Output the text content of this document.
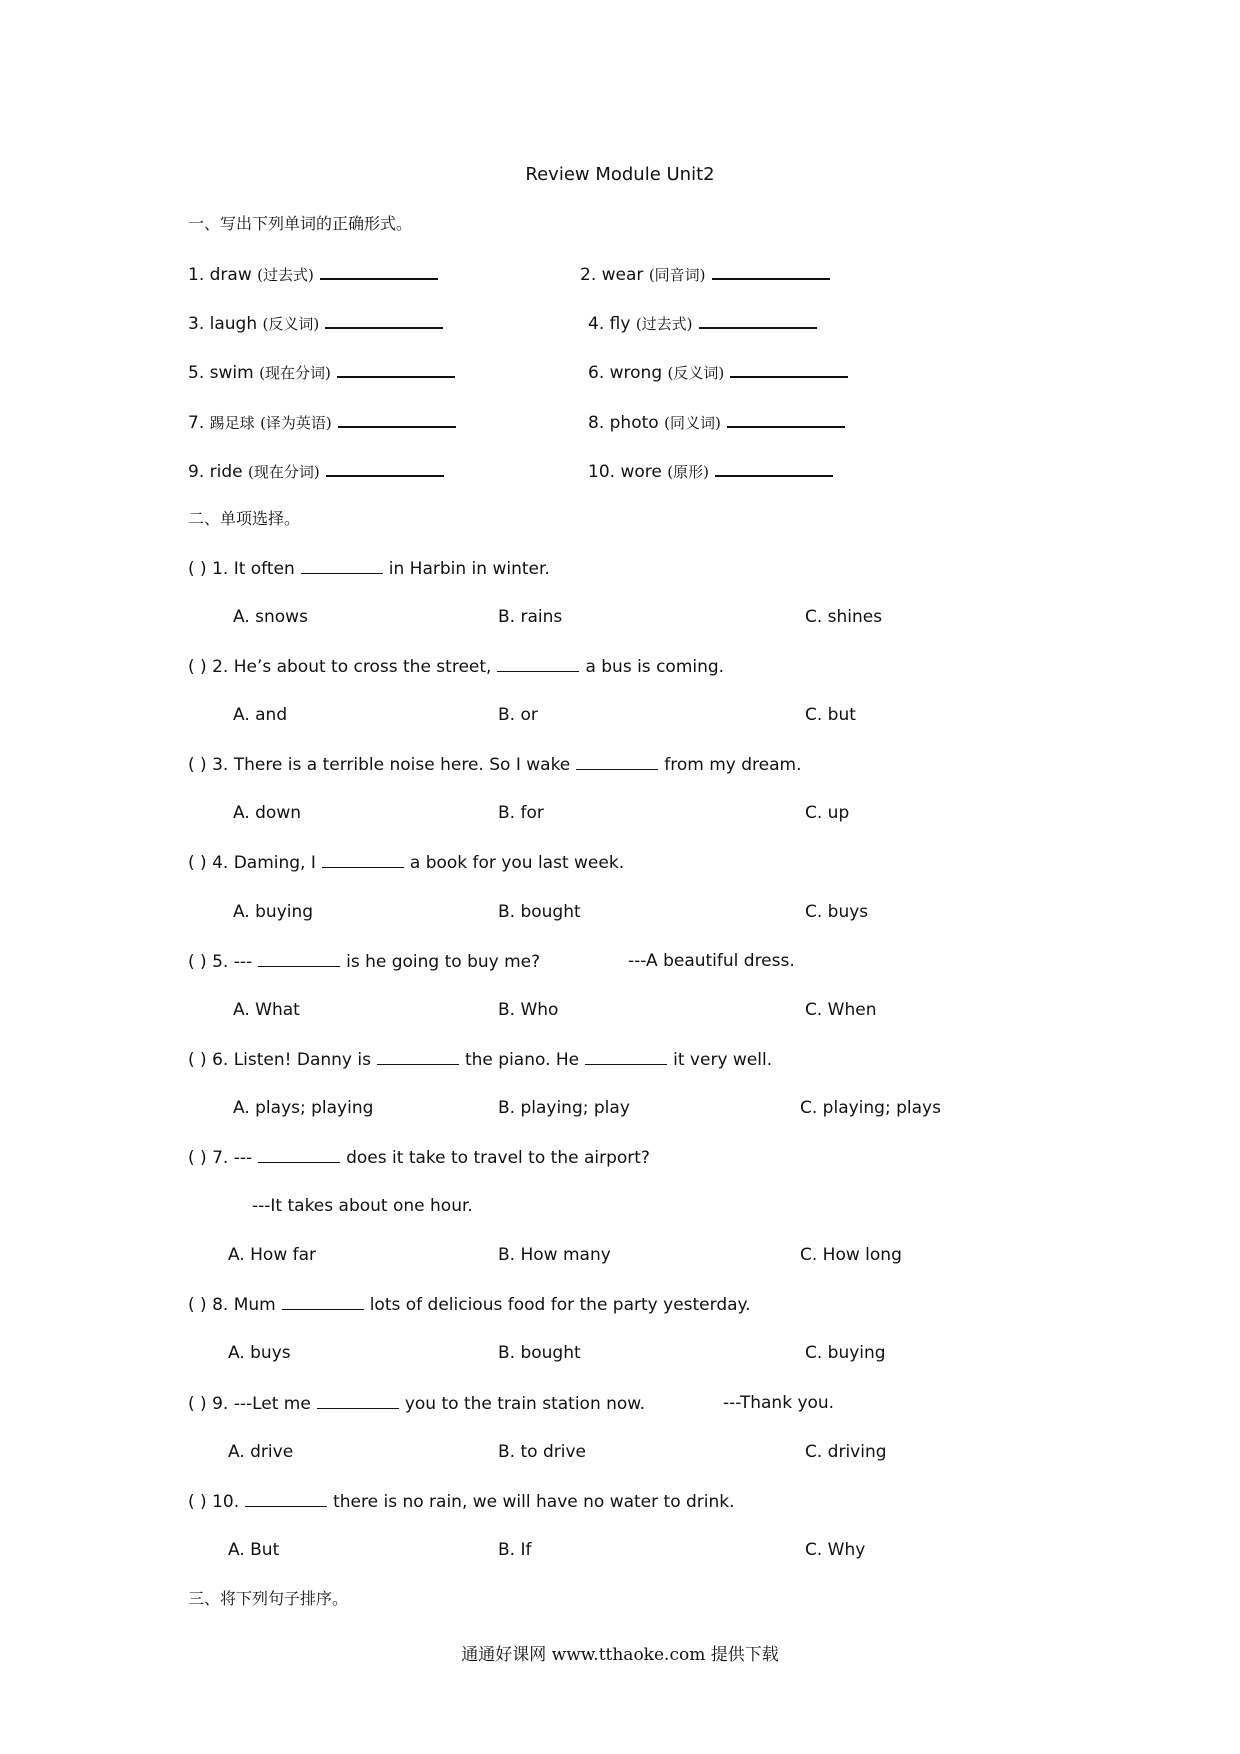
Review Module Unit2
一、写出下列单词的正确形式。
1. draw (过去式)	2. wear (同音词)
3. laugh (反义词)	4. fly (过去式)
5. swim (现在分词)	6. wrong (反义词)
7. 踢足球 (译为英语)	8. photo (同义词)
9. ride (现在分词)	10. wore (原形)
二、单项选择。
( ) 1. It often	in Harbin in winter.
A. snows	B. rains	C. shines
( ) 2. He’s about to cross the street,	a bus is coming.
A. and	B. or	C. but
( ) 3. There is a terrible noise here. So I wake	from my dream.
A. down	B. for	C. up
( ) 4. Daming, I	a book for you last week.
A. buying	B. bought	C. buys
( ) 5. ---	is he going to buy me?	---A beautiful dress.
A. What	B. Who	C. When
( ) 6. Listen! Danny is	the piano. He	it very well.
A. plays; playing	B. playing; play	C. playing; plays
( ) 7. ---	does it take to travel to the airport?
---It takes about one hour.
A. How far	B. How many	C. How long
( ) 8. Mum	lots of delicious food for the party yesterday.
A. buys	B. bought	C. buying
( ) 9. ---Let me	you to the train station now.	---Thank you.
A. drive	B. to drive	C. driving
( ) 10.	there is no rain, we will have no water to drink.
A. But	B. If	C. Why
三、将下列句子排序。
通通好课网 www.tthaoke.com 提供下载
